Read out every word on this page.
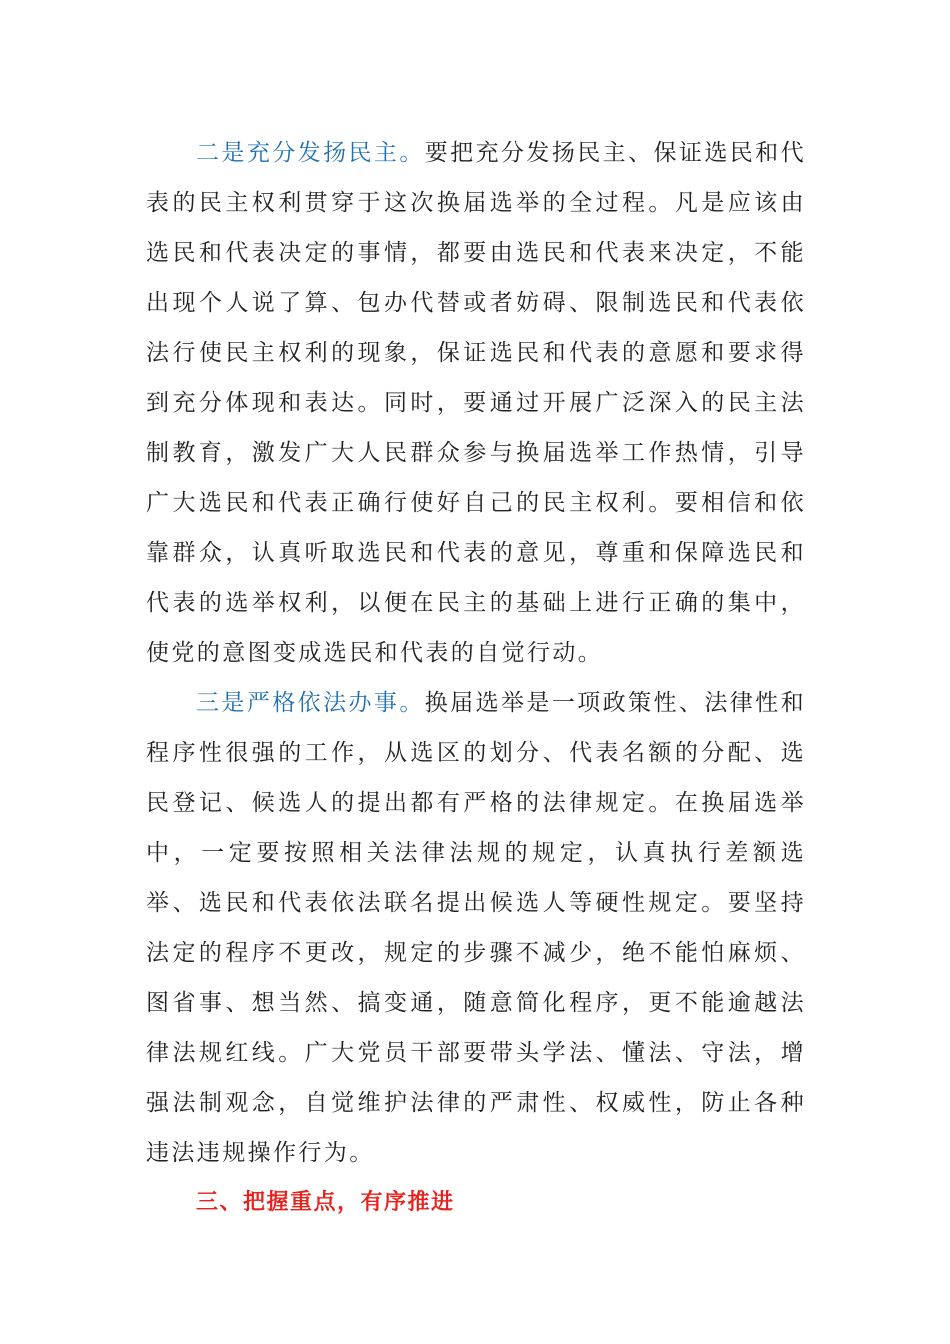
二是充分发扬民主。要把充分发扬民主、保证选民和代表的民主权利贯穿于这次换届选举的全过程。凡是应该由选民和代表决定的事情，都要由选民和代表来决定，不能出现个人说了算、包办代替或者妨碍、限制选民和代表依法行使民主权利的现象，保证选民和代表的意愿和要求得到充分体现和表达。同时，要通过开展广泛深入的民主法制教育，激发广大人民群众参与换届选举工作热情，引导广大选民和代表正确行使好自己的民主权利。要相信和依靠群众，认真听取选民和代表的意见，尊重和保障选民和代表的选举权利，以便在民主的基础上进行正确的集中，使党的意图变成选民和代表的自觉行动。

三是严格依法办事。换届选举是一项政策性、法律性和程序性很强的工作，从选区的划分、代表名额的分配、选民登记、候选人的提出都有严格的法律规定。在换届选举中，一定要按照相关法律法规的规定，认真执行差额选举、选民和代表依法联名提出候选人等硬性规定。要坚持法定的程序不更改，规定的步骤不减少，绝不能怕麻烦、图省事、想当然、搞变通，随意简化程序，更不能逾越法律法规红线。广大党员干部要带头学法、懂法、守法，增强法制观念，自觉维护法律的严肃性、权威性，防止各种违法违规操作行为。

三、把握重点，有序推进
